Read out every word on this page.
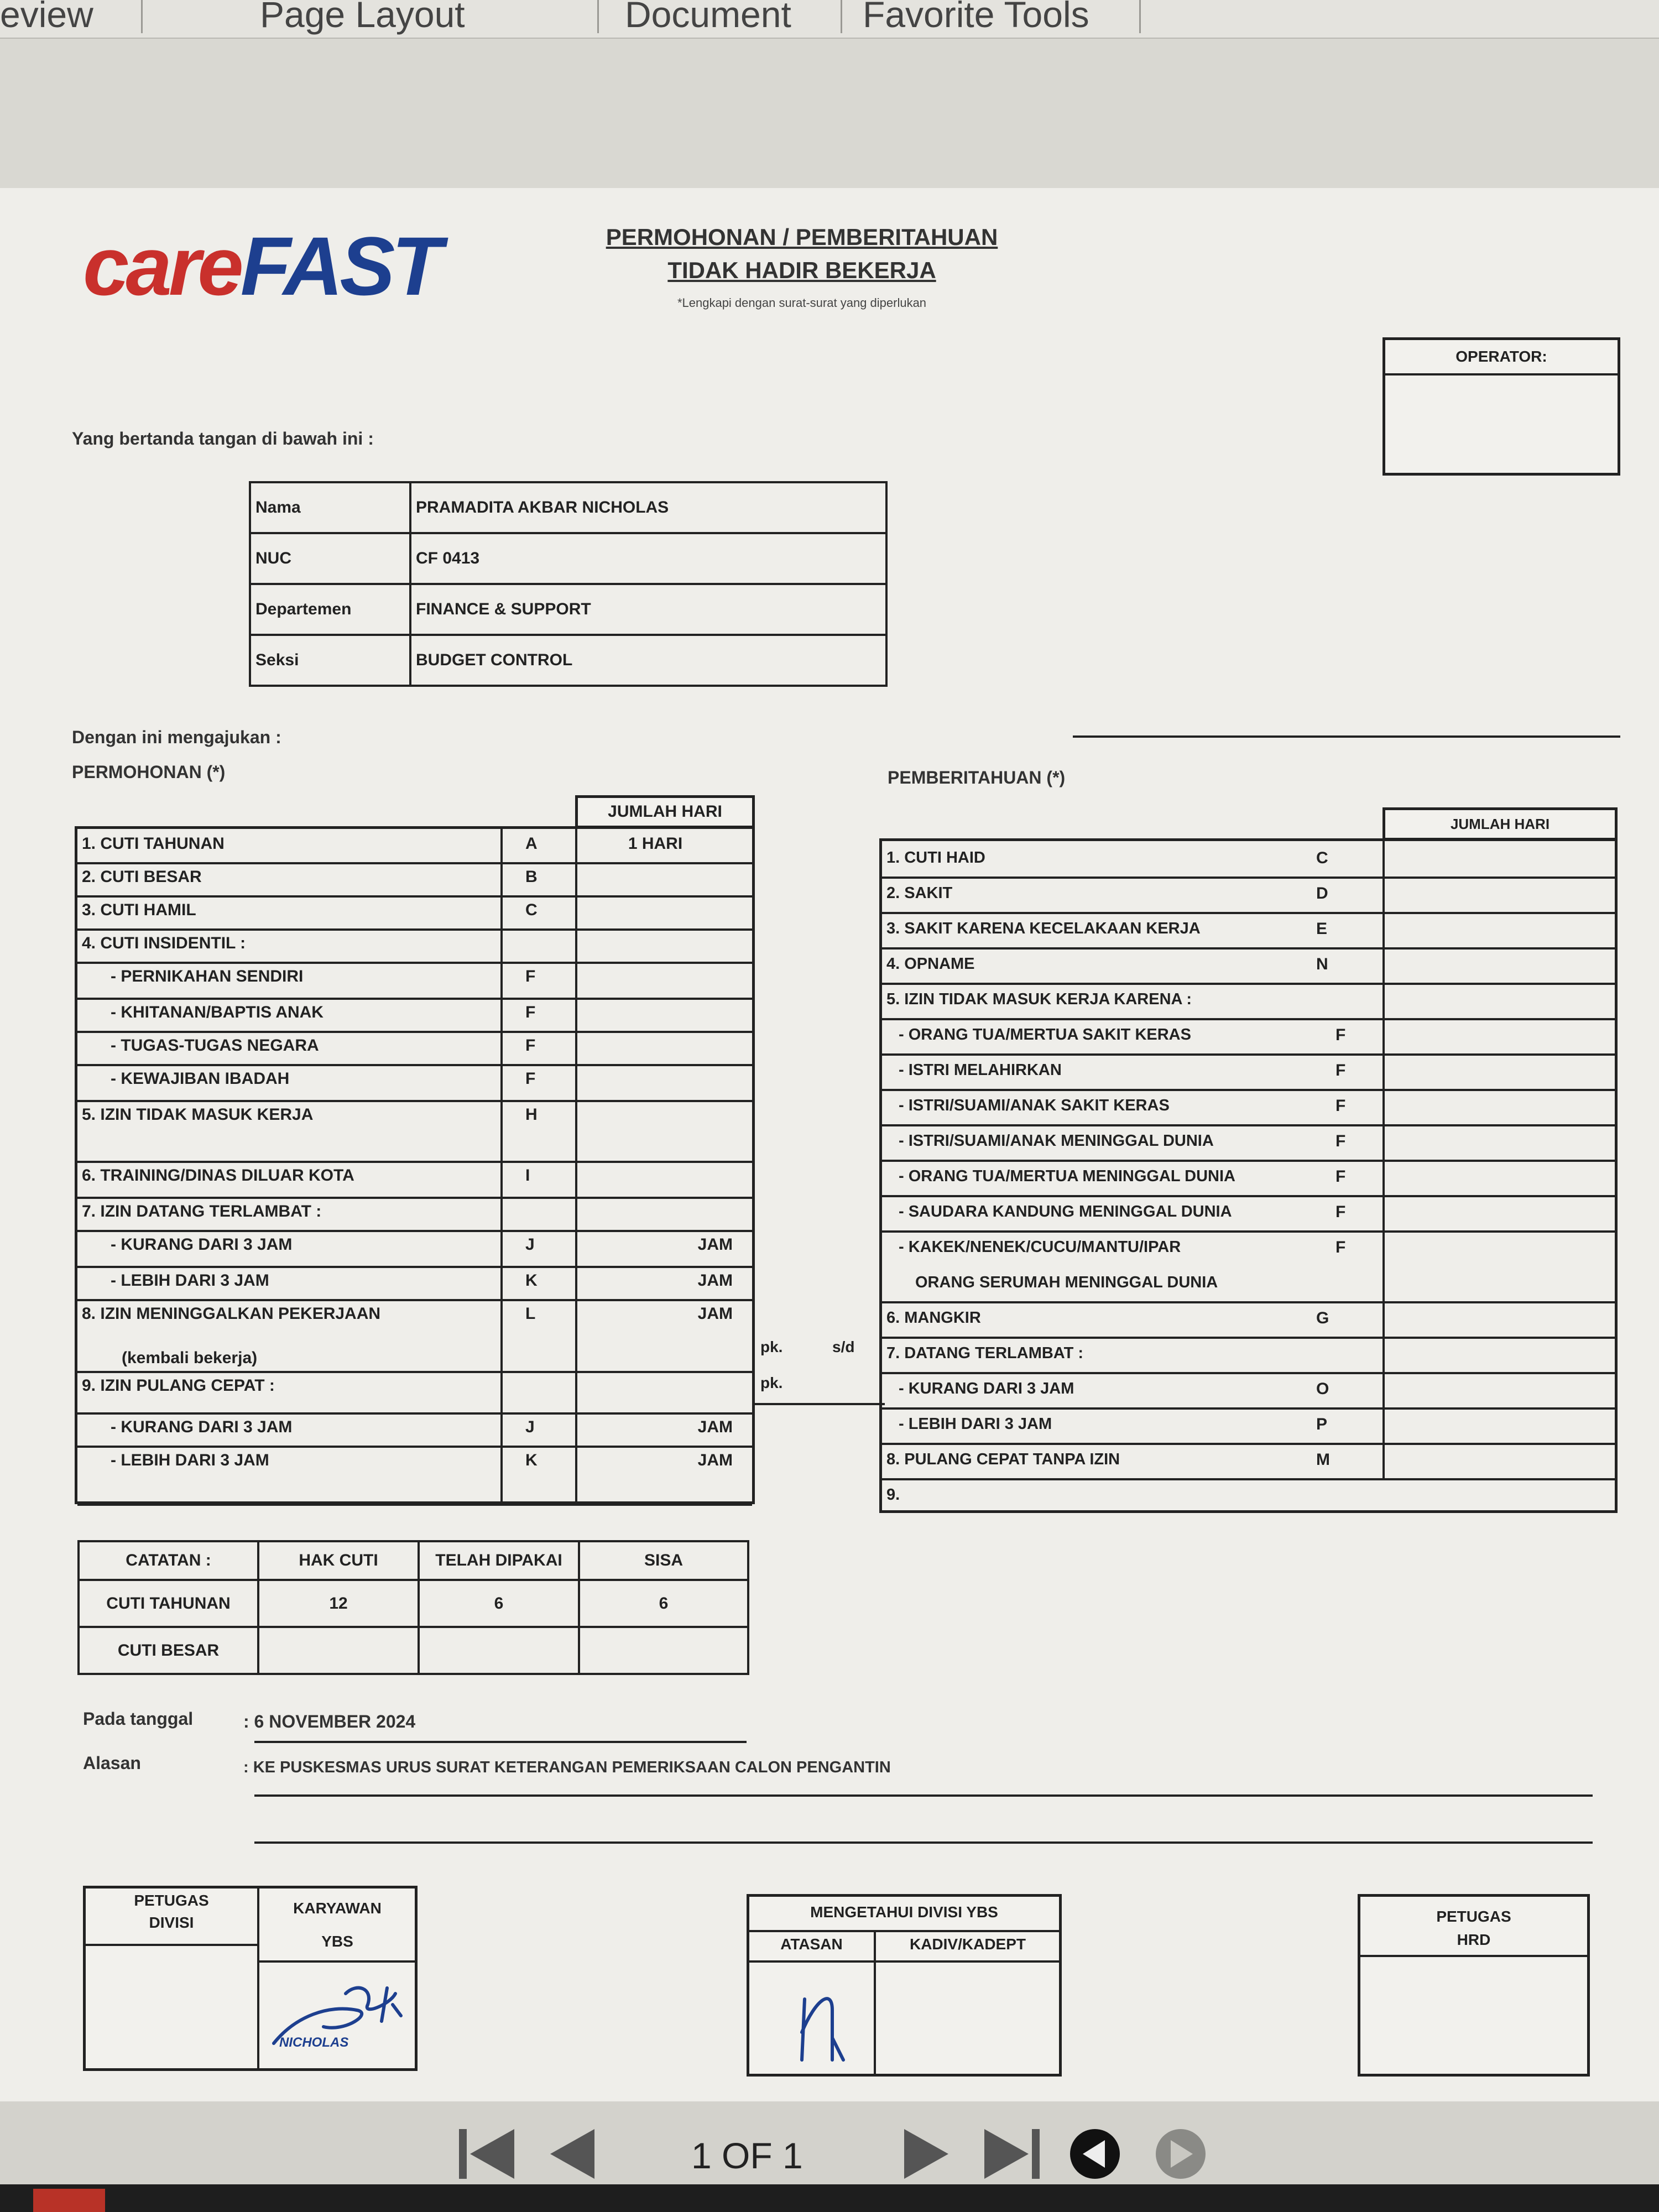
eview	Page Layout	Document Favorite Tools
careFAST	PERMOHONAN / PEMBERITAHUAN
TIDAK HADIR BEKERJA
*Lengkapi dengan surat-surat yang diperlukan
OPERATOR:
Yang bertanda tangan di bawah ini :
Nama	PRAMADITA AKBAR NICHOLAS
NUC	CF 0413
Departemen	FINANCE & SUPPORT
Seksi	BUDGET CONTROL
Dengan ini mengajukan :
PERMOHONAN (*)	PEMBERITAHUAN (*)
JUMLAH HARI
1. CUTI TAHUNAN	A	1 HARI
2. CUTI BESAR	B
3. CUTI HAMIL	C
4. CUTI INSIDENTIL :
- PERNIKAHAN SENDIRI	F
- KHITANAN/BAPTIS ANAK	F
- TUGAS-TUGAS NEGARA	F
- KEWAJIBAN IBADAH	F
5. IZIN TIDAK MASUK KERJA	H
6. TRAINING/DINAS DILUAR KOTA	I
7. IZIN DATANG TERLAMBAT :
- KURANG DARI 3 JAM	J	JAM
- LEBIH DARI 3 JAM	K	JAM
8. IZIN MENINGGALKAN PEKERJAAN	L	JAM
(kembali bekerja)
9. IZIN PULANG CEPAT :
- KURANG DARI 3 JAM	J	JAM
- LEBIH DARI 3 JAM	K	JAM
pk.	s/d
pk.
JUMLAH HARI
1. CUTI HAID	C
2. SAKIT	D
3. SAKIT KARENA KECELAKAAN KERJA	E
4. OPNAME	N
5. IZIN TIDAK MASUK KERJA KARENA :
- ORANG TUA/MERTUA SAKIT KERAS	F
- ISTRI MELAHIRKAN	F
- ISTRI/SUAMI/ANAK SAKIT KERAS	F
- ISTRI/SUAMI/ANAK MENINGGAL DUNIA	F
- ORANG TUA/MERTUA MENINGGAL DUNIA	F
- SAUDARA KANDUNG MENINGGAL DUNIA	F
- KAKEK/NENEK/CUCU/MANTU/IPAR	F
ORANG SERUMAH MENINGGAL DUNIA
6. MANGKIR	G
7. DATANG TERLAMBAT :
- KURANG DARI 3 JAM	O
- LEBIH DARI 3 JAM	P
8. PULANG CEPAT TANPA IZIN	M
9.
CATATAN :	HAK CUTI	TELAH DIPAKAI	SISA
CUTI TAHUNAN	12	6	6
CUTI BESAR			
Pada tanggal	: 6 NOVEMBER 2024
Alasan	: KE PUSKESMAS URUS SURAT KETERANGAN PEMERIKSAAN CALON PENGANTIN
PETUGAS
DIVISI
KARYAWAN
YBS
NICHOLAS
MENGETAHUI DIVISI YBS
ATASAN	KADIV/KADEPT
PETUGAS
HRD
1 OF 1
